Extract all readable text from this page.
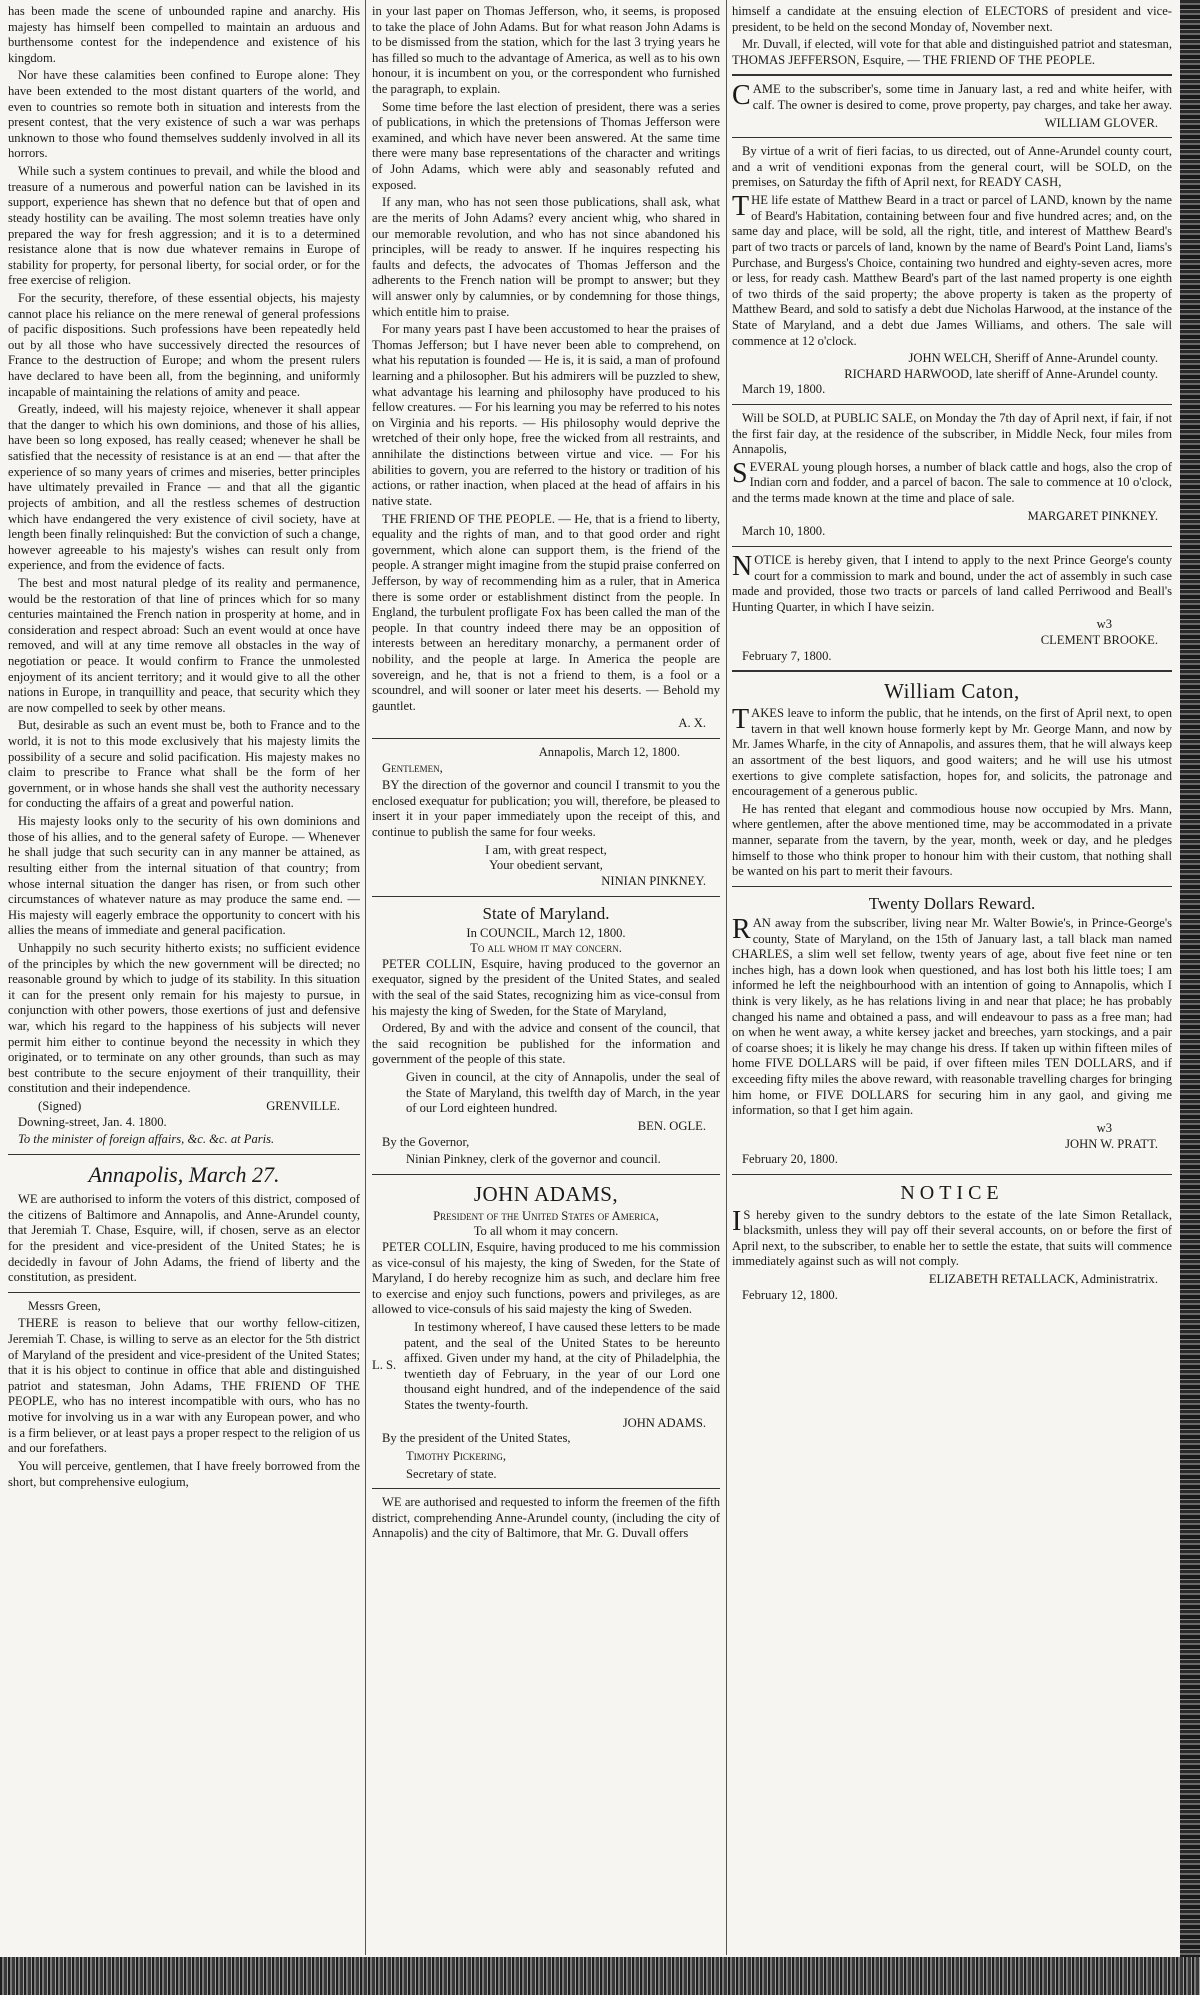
has been made the scene of unbounded rapine and anarchy. His majesty has himself been compelled to maintain an arduous and burthensome contest for the independence and existence of his kingdom.

Nor have these calamities been confined to Europe alone: They have been extended to the most distant quarters of the world, and even to countries so remote both in situation and interests from the present contest, that the very existence of such a war was perhaps unknown to those who found themselves suddenly involved in all its horrors.

While such a system continues to prevail, and while the blood and treasure of a numerous and powerful nation can be lavished in its support, experience has shewn that no defence but that of open and steady hostility can be availing. The most solemn treaties have only prepared the way for fresh aggression; and it is to a determined resistance alone that is now due whatever remains in Europe of stability for property, for personal liberty, for social order, or for the free exercise of religion.

For the security, therefore, of these essential objects, his majesty cannot place his reliance on the mere renewal of general professions of pacific dispositions. Such professions have been repeatedly held out by all those who have successively directed the resources of France to the destruction of Europe; and whom the present rulers have declared to have been all, from the beginning, and uniformly incapable of maintaining the relations of amity and peace.

Greatly, indeed, will his majesty rejoice, whenever it shall appear that the danger to which his own dominions, and those of his allies, have been so long exposed, has really ceased; whenever he shall be satisfied that the necessity of resistance is at an end — that after the experience of so many years of crimes and miseries, better principles have ultimately prevailed in France — and that all the gigantic projects of ambition, and all the restless schemes of destruction which have endangered the very existence of civil society, have at length been finally relinquished: But the conviction of such a change, however agreeable to his majesty's wishes can result only from experience, and from the evidence of facts.

The best and most natural pledge of its reality and permanence, would be the restoration of that line of princes which for so many centuries maintained the French nation in prosperity at home, and in consideration and respect abroad: Such an event would at once have removed, and will at any time remove all obstacles in the way of negotiation or peace. It would confirm to France the unmolested enjoyment of its ancient territory; and it would give to all the other nations in Europe, in tranquillity and peace, that security which they are now compelled to seek by other means.

But, desirable as such an event must be, both to France and to the world, it is not to this mode exclusively that his majesty limits the possibility of a secure and solid pacification. His majesty makes no claim to prescribe to France what shall be the form of her government, or in whose hands she shall vest the authority necessary for conducting the affairs of a great and powerful nation.

His majesty looks only to the security of his own dominions and those of his allies, and to the general safety of Europe. — Whenever he shall judge that such security can in any manner be attained, as resulting either from the internal situation of that country; from whose internal situation the danger has risen, or from such other circumstances of whatever nature as may produce the same end. — His majesty will eagerly embrace the opportunity to concert with his allies the means of immediate and general pacification.

Unhappily no such security hitherto exists; no sufficient evidence of the principles by which the new government will be directed; no reasonable ground by which to judge of its stability. In this situation it can for the present only remain for his majesty to pursue, in conjunction with other powers, those exertions of just and defensive war, which his regard to the happiness of his subjects will never permit him either to continue beyond the necessity in which they originated, or to terminate on any other grounds, than such as may best contribute to the secure enjoyment of their tranquillity, their constitution and their independence.

(Signed)	GRENVILLE.

Downing-street, Jan. 4. 1800.

To the minister of foreign affairs, &c. &c. at Paris.

Annapolis, March 27.

WE are authorised to inform the voters of this district, composed of the citizens of Baltimore and Annapolis, and Anne-Arundel county, that Jeremiah T. Chase, Esquire, will, if chosen, serve as an elector for the president and vice-president of the United States; he is decidedly in favour of John Adams, the friend of liberty and the constitution, as president.

Messrs Green,

THERE is reason to believe that our worthy fellow-citizen, Jeremiah T. Chase, is willing to serve as an elector for the 5th district of Maryland of the president and vice-president of the United States; that it is his object to continue in office that able and distinguished patriot and statesman, John Adams, THE FRIEND OF THE PEOPLE, who has no interest incompatible with ours, who has no motive for involving us in a war with any European power, and who is a firm believer, or at least pays a proper respect to the religion of us and our forefathers.

You will perceive, gentlemen, that I have freely borrowed from the short, but comprehensive eulogium,

in your last paper on Thomas Jefferson, who, it seems, is proposed to take the place of John Adams. But for what reason John Adams is to be dismissed from the station, which for the last 3 trying years he has filled so much to the advantage of America, as well as to his own honour, it is incumbent on you, or the correspondent who furnished the paragraph, to explain.

Some time before the last election of president, there was a series of publications, in which the pretensions of Thomas Jefferson were examined, and which have never been answered. At the same time there were many base representations of the character and writings of John Adams, which were ably and seasonably refuted and exposed.

If any man, who has not seen those publications, shall ask, what are the merits of John Adams? every ancient whig, who shared in our memorable revolution, and who has not since abandoned his principles, will be ready to answer. If he inquires respecting his faults and defects, the advocates of Thomas Jefferson and the adherents to the French nation will be prompt to answer; but they will answer only by calumnies, or by condemning for those things, which entitle him to praise.

For many years past I have been accustomed to hear the praises of Thomas Jefferson; but I have never been able to comprehend, on what his reputation is founded — He is, it is said, a man of profound learning and a philosopher. But his admirers will be puzzled to shew, what advantage his learning and philosophy have produced to his fellow creatures. — For his learning you may be referred to his notes on Virginia and his reports. — His philosophy would deprive the wretched of their only hope, free the wicked from all restraints, and annihilate the distinctions between virtue and vice. — For his abilities to govern, you are referred to the history or tradition of his actions, or rather inaction, when placed at the head of affairs in his native state.

THE FRIEND OF THE PEOPLE. — He, that is a friend to liberty, equality and the rights of man, and to that good order and right government, which alone can support them, is the friend of the people. A stranger might imagine from the stupid praise conferred on Jefferson, by way of recommending him as a ruler, that in America there is some order or establishment distinct from the people. In England, the turbulent profligate Fox has been called the man of the people. In that country indeed there may be an opposition of interests between an hereditary monarchy, a permanent order of nobility, and the people at large. In America the people are sovereign, and he, that is not a friend to them, is a fool or a scoundrel, and will sooner or later meet his deserts. — Behold my gauntlet.

A. X.
Annapolis, March 12, 1800.

Gentlemen,

BY the direction of the governor and council I transmit to you the enclosed exequatur for publication; you will, therefore, be pleased to insert it in your paper immediately upon the receipt of this, and continue to publish the same for four weeks.

I am, with great respect,
Your obedient servant,
NINIAN PINKNEY.
State of Maryland.
In COUNCIL, March 12, 1800.
To all whom it may concern.

PETER COLLIN, Esquire, having produced to the governor an exequator, signed by the president of the United States, and sealed with the seal of the said States, recognizing him as vice-consul from his majesty the king of Sweden, for the State of Maryland,

Ordered, By and with the advice and consent of the council, that the said recognition be published for the information and government of the people of this state.

Given in council, at the city of Annapolis, under the seal of the State of Maryland, this twelfth day of March, in the year of our Lord eighteen hundred.

BEN. OGLE.

By the Governor,

Ninian Pinkney, clerk of the governor and council.

JOHN ADAMS,
President of the United States of America,
To all whom it may concern.

PETER COLLIN, Esquire, having produced to me his commission as vice-consul of his majesty, the king of Sweden, for the State of Maryland, I do hereby recognize him as such, and declare him free to exercise and enjoy such functions, powers and privileges, as are allowed to vice-consuls of his said majesty the king of Sweden.

L. S.

In testimony whereof, I have caused these letters to be made patent, and the seal of the United States to be hereunto affixed. Given under my hand, at the city of Philadelphia, the twentieth day of February, in the year of our Lord one thousand eight hundred, and of the independence of the said States the twenty-fourth.

JOHN ADAMS.

By the president of the United States,

Timothy Pickering,

Secretary of state.

WE are authorised and requested to inform the freemen of the fifth district, comprehending Anne-Arundel county, (including the city of Annapolis) and the city of Baltimore, that Mr. G. Duvall offers

himself a candidate at the ensuing election of ELECTORS of president and vice-president, to be held on the second Monday of, November next.

Mr. Duvall, if elected, will vote for that able and distinguished patriot and statesman, THOMAS JEFFERSON, Esquire, — THE FRIEND OF THE PEOPLE.

CAME to the subscriber's, some time in January last, a red and white heifer, with calf. The owner is desired to come, prove property, pay charges, and take her away.

WILLIAM GLOVER.

By virtue of a writ of fieri facias, to us directed, out of Anne-Arundel county court, and a writ of venditioni exponas from the general court, will be SOLD, on the premises, on Saturday the fifth of April next, for READY CASH,

THE life estate of Matthew Beard in a tract or parcel of LAND, known by the name of Beard's Habitation, containing between four and five hundred acres; and, on the same day and place, will be sold, all the right, title, and interest of Matthew Beard's part of two tracts or parcels of land, known by the name of Beard's Point Land, Iiams's Purchase, and Burgess's Choice, containing two hundred and eighty-seven acres, more or less, for ready cash. Matthew Beard's part of the last named property is one eighth of two thirds of the said property; the above property is taken as the property of Matthew Beard, and sold to satisfy a debt due Nicholas Harwood, at the instance of the State of Maryland, and a debt due James Williams, and others. The sale will commence at 12 o'clock.

JOHN WELCH, Sheriff of Anne-Arundel county.
RICHARD HARWOOD, late sheriff of Anne-Arundel county.

March 19, 1800.

Will be SOLD, at PUBLIC SALE, on Monday the 7th day of April next, if fair, if not the first fair day, at the residence of the subscriber, in Middle Neck, four miles from Annapolis,

SEVERAL young plough horses, a number of black cattle and hogs, also the crop of Indian corn and fodder, and a parcel of bacon. The sale to commence at 10 o'clock, and the terms made known at the time and place of sale.

MARGARET PINKNEY.

March 10, 1800.

NOTICE is hereby given, that I intend to apply to the next Prince George's county court for a commission to mark and bound, under the act of assembly in such case made and provided, those two tracts or parcels of land called Perriwood and Beall's Hunting Quarter, in which I have seizin.

w3
CLEMENT BROOKE.

February 7, 1800.

William Caton,

TAKES leave to inform the public, that he intends, on the first of April next, to open tavern in that well known house formerly kept by Mr. George Mann, and now by Mr. James Wharfe, in the city of Annapolis, and assures them, that he will always keep an assortment of the best liquors, and good waiters; and he will use his utmost exertions to give complete satisfaction, hopes for, and solicits, the patronage and encouragement of a generous public.

He has rented that elegant and commodious house now occupied by Mrs. Mann, where gentlemen, after the above mentioned time, may be accommodated in a private manner, separate from the tavern, by the year, month, week or day, and he pledges himself to those who think proper to honour him with their custom, that nothing shall be wanted on his part to merit their favours.

Twenty Dollars Reward.

RAN away from the subscriber, living near Mr. Walter Bowie's, in Prince-George's county, State of Maryland, on the 15th of January last, a tall black man named CHARLES, a slim well set fellow, twenty years of age, about five feet nine or ten inches high, has a down look when questioned, and has lost both his little toes; I am informed he left the neighbourhood with an intention of going to Annapolis, which I think is very likely, as he has relations living in and near that place; he has probably changed his name and obtained a pass, and will endeavour to pass as a free man; had on when he went away, a white kersey jacket and breeches, yarn stockings, and a pair of coarse shoes; it is likely he may change his dress. If taken up within fifteen miles of home FIVE DOLLARS will be paid, if over fifteen miles TEN DOLLARS, and if exceeding fifty miles the above reward, with reasonable travelling charges for bringing him home, or FIVE DOLLARS for securing him in any gaol, and giving me information, so that I get him again.

w3
JOHN W. PRATT.

February 20, 1800.

NOTICE

IS hereby given to the sundry debtors to the estate of the late Simon Retallack, blacksmith, unless they will pay off their several accounts, on or before the first of April next, to the subscriber, to enable her to settle the estate, that suits will commence immediately against such as will not comply.

ELIZABETH RETALLACK, Administratrix.

February 12, 1800.
